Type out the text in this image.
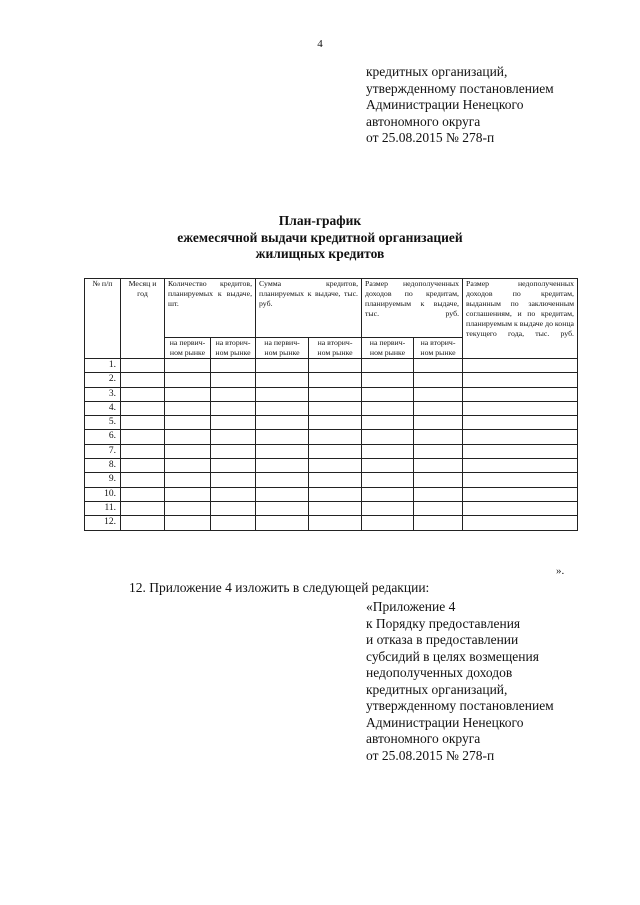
4
кредитных организаций,
утвержденному постановлением
Администрации Ненецкого
автономного округа
от 25.08.2015 № 278-п
План-график
ежемесячной выдачи кредитной организацией
жилищных кредитов
№ п/п	Месяц и год	Количество кредитов, планируемых к выдаче, шт.		Сумма кредитов, планируемых к выдаче, тыс. руб.		Размер недополученных доходов по кредитам, планируемым к выдаче, тыс. руб.		Размер недополученных доходов по кредитам, выданным по заключенным соглашениям, и по кредитам, планируемым к выдаче до конца текущего года, тыс. руб.
		на первич-ном рынке	на вторич-ном рынке	на первич-ном рынке	на вторич-ном рынке	на первич-ном рынке	на вторич-ном рынке	
1.								
2.								
3.								
4.								
5.								
6.								
7.								
8.								
9.								
10.								
11.								
12.								
».
12. Приложение 4 изложить в следующей редакции:
«Приложение 4
к Порядку предоставления
и отказа в предоставлении
субсидий в целях возмещения
недополученных доходов
кредитных организаций,
утвержденному постановлением
Администрации Ненецкого
автономного округа
от 25.08.2015 № 278-п
